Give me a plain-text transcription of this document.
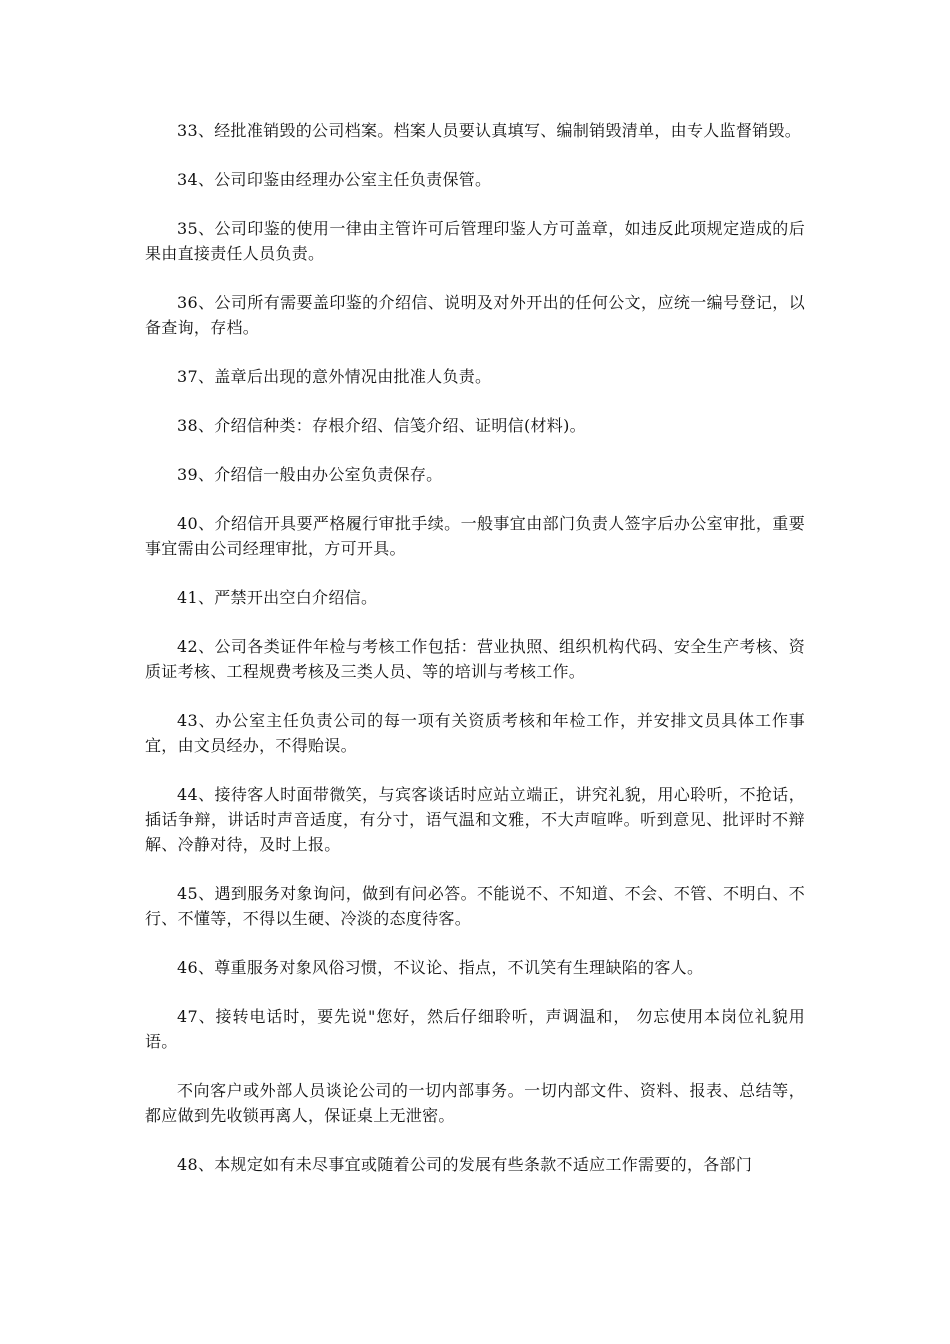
33、经批准销毁的公司档案。档案人员要认真填写、编制销毁清单，由专人监督销毁。

34、公司印鉴由经理办公室主任负责保管。

35、公司印鉴的使用一律由主管许可后管理印鉴人方可盖章，如违反此项规定造成的后果由直接责任人员负责。

36、公司所有需要盖印鉴的介绍信、说明及对外开出的任何公文，应统一编号登记，以备查询，存档。

37、盖章后出现的意外情况由批准人负责。

38、介绍信种类：存根介绍、信笺介绍、证明信(材料)。

39、介绍信一般由办公室负责保存。

40、介绍信开具要严格履行审批手续。一般事宜由部门负责人签字后办公室审批，重要事宜需由公司经理审批，方可开具。

41、严禁开出空白介绍信。

42、公司各类证件年检与考核工作包括：营业执照、组织机构代码、安全生产考核、资质证考核、工程规费考核及三类人员、等的培训与考核工作。

43、办公室主任负责公司的每一项有关资质考核和年检工作，并安排文员具体工作事宜，由文员经办，不得贻误。

44、接待客人时面带微笑，与宾客谈话时应站立端正，讲究礼貌，用心聆听，不抢话，插话争辩，讲话时声音适度，有分寸，语气温和文雅，不大声喧哗。听到意见、批评时不辩解、冷静对待，及时上报。

45、遇到服务对象询问，做到有问必答。不能说不、不知道、不会、不管、不明白、不行、不懂等，不得以生硬、冷淡的态度待客。

46、尊重服务对象风俗习惯，不议论、指点，不讥笑有生理缺陷的客人。

47、接转电话时，要先说"您好，然后仔细聆听，声调温和， 勿忘使用本岗位礼貌用语。

不向客户或外部人员谈论公司的一切内部事务。一切内部文件、资料、报表、总结等，都应做到先收锁再离人，保证桌上无泄密。

48、本规定如有未尽事宜或随着公司的发展有些条款不适应工作需要的，各部门
